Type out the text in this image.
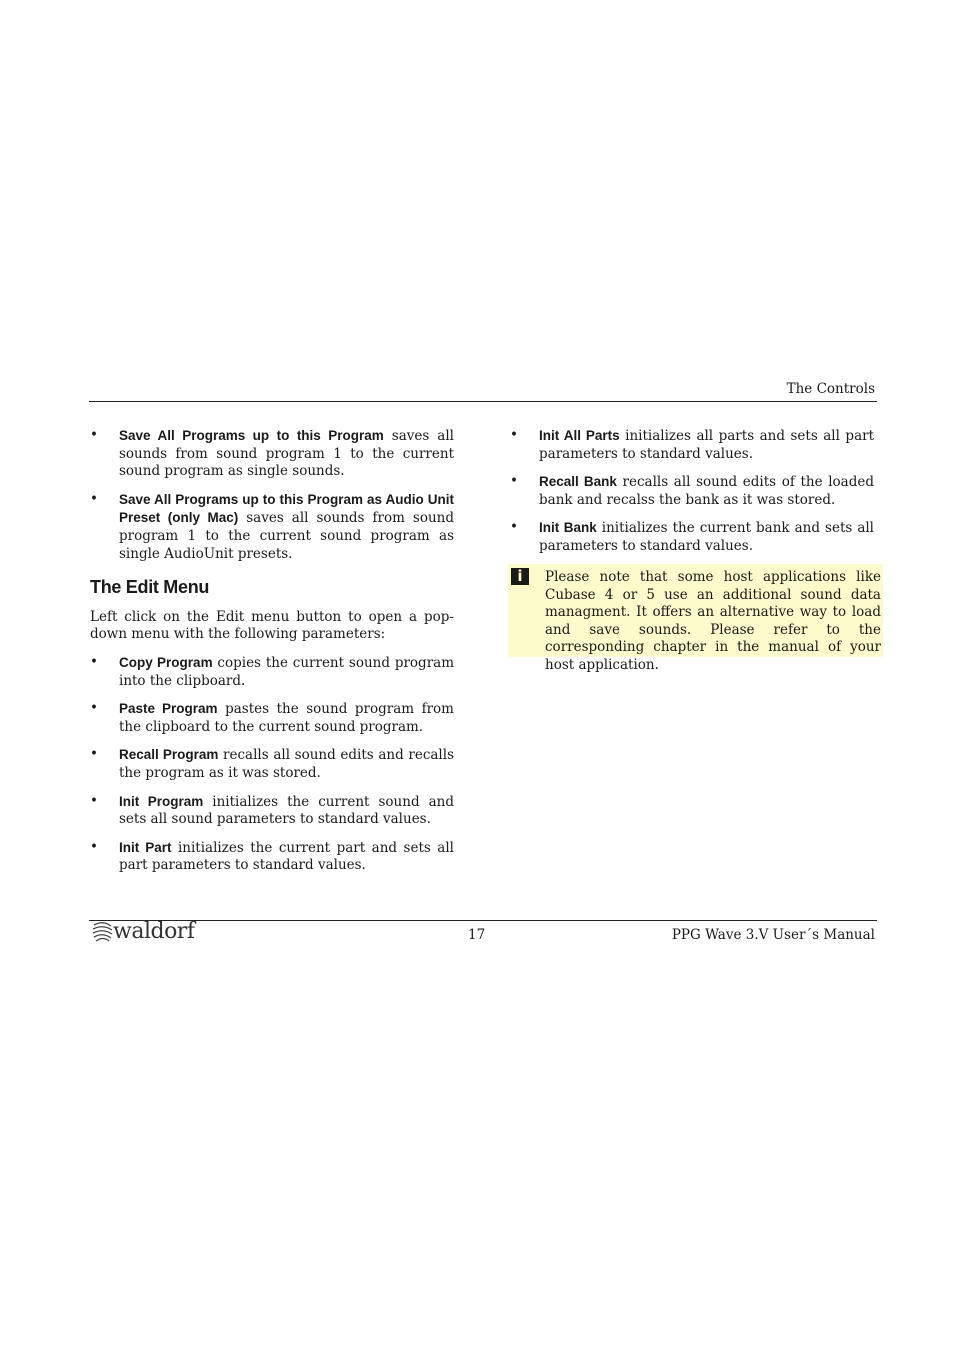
The Controls
• Save All Programs up to this Program saves all sounds from sound program 1 to the current sound program as single sounds.
• Save All Programs up to this Program as Audio Unit Preset (only Mac) saves all sounds from sound program 1 to the current sound program as single AudioUnit presets.
The Edit Menu
Left click on the Edit menu button to open a pop-down menu with the following parameters:
• Copy Program copies the current sound program into the clipboard.
• Paste Program pastes the sound program from the clipboard to the current sound program.
• Recall Program recalls all sound edits and recalls the program as it was stored.
• Init Program initializes the current sound and sets all sound parameters to standard values.
• Init Part initializes the current part and sets all part parameters to standard values.
• Init All Parts initializes all parts and sets all part parameters to standard values.
• Recall Bank recalls all sound edits of the loaded bank and recalss the bank as it was stored.
• Init Bank initializes the current bank and sets all parameters to standard values.
i	Please note that some host applications like Cubase 4 or 5 use an additional sound data managment. It offers an alternative way to load and save sounds. Please refer to the corresponding chapter in the manual of your host application.
waldorf	17	PPG Wave 3.V User´s Manual
